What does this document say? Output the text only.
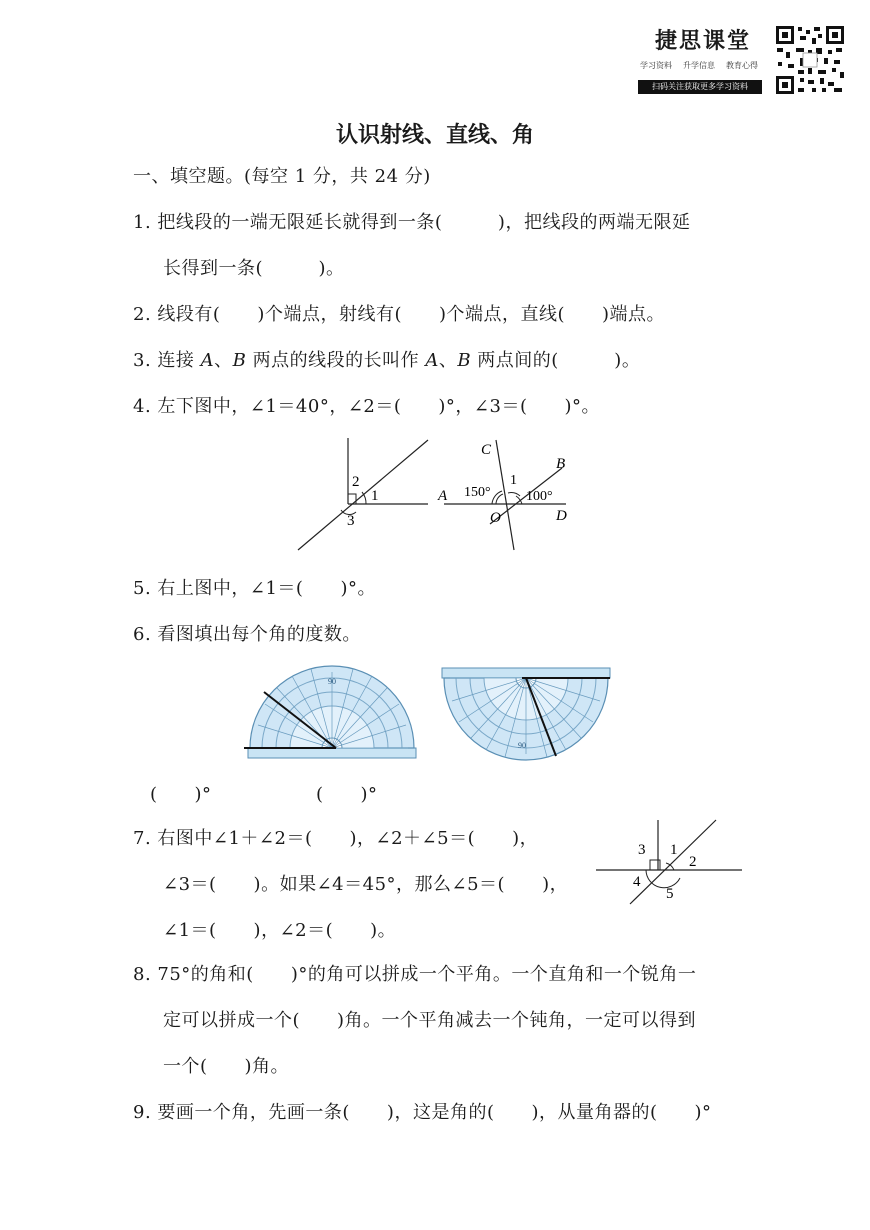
捷思课堂
学习资料 升学信息 教育心得
扫码关注获取更多学习资料
认识射线、直线、角
一、填空题。(每空 1 分，共 24 分)
1. 把线段的一端无限延长就得到一条(　　　)，把线段的两端无限延
长得到一条(　　　)。
2. 线段有(　　)个端点，射线有(　　)个端点，直线(　　)端点。
3. 连接 A、B 两点的线段的长叫作 A、B 两点间的(　　　)。
4. 左下图中，∠1＝40°，∠2＝(　　)°，∠3＝(　　)°。
1
2
3
A
B
C
D
O
150°
1
100°
5. 右上图中，∠1＝(　　)°。
6. 看图填出每个角的度数。
90
90
(　　)°	(　　)°
7. 右图中∠1＋∠2＝(　　)，∠2＋∠5＝(　　)，
∠3＝(　　)。如果∠4＝45°，那么∠5＝(　　)，
∠1＝(　　)，∠2＝(　　)。
3 1
2
4
5
8. 75°的角和(　　)°的角可以拼成一个平角。一个直角和一个锐角一
定可以拼成一个(　　)角。一个平角减去一个钝角，一定可以得到
一个(　　)角。
9. 要画一个角，先画一条(　　)，这是角的(　　)，从量角器的(　　)°
